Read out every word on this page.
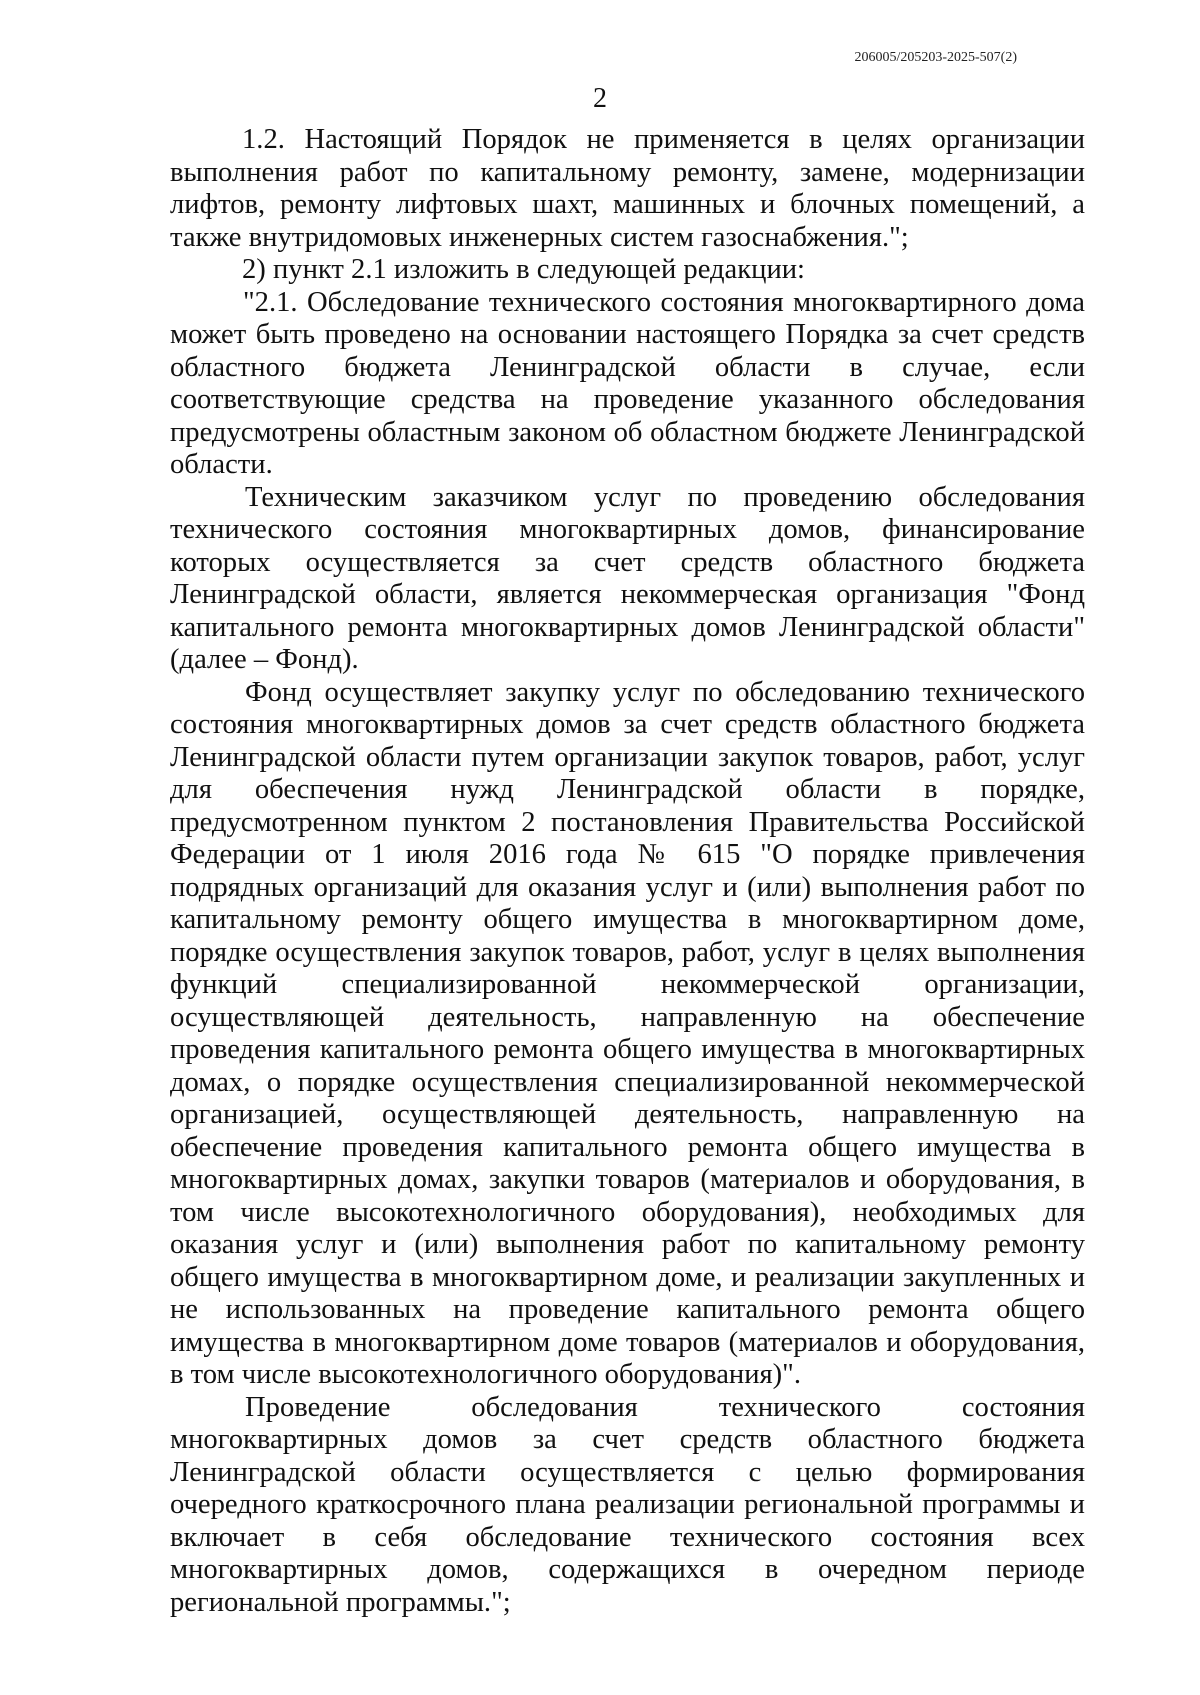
206005/205203-2025-507(2)
2

1.2. Настоящий Порядок не применяется в целях организации выполнения работ по капитальному ремонту, замене, модернизации лифтов, ремонту лифтовых шахт, машинных и блочных помещений, а также внутридомовых инженерных систем газоснабжения.";

2) пункт 2.1 изложить в следующей редакции:

"2.1. Обследование технического состояния многоквартирного дома может быть проведено на основании настоящего Порядка за счет средств областного бюджета Ленинградской области в случае, если соответствующие средства на проведение указанного обследования предусмотрены областным законом об областном бюджете Ленинградской области.

Техническим заказчиком услуг по проведению обследования технического состояния многоквартирных домов, финансирование которых осуществляется за счет средств областного бюджета Ленинградской области, является некоммерческая организация "Фонд капитального ремонта многоквартирных домов Ленинградской области" (далее – Фонд).

Фонд осуществляет закупку услуг по обследованию технического состояния многоквартирных домов за счет средств областного бюджета Ленинградской области путем организации закупок товаров, работ, услуг для обеспечения нужд Ленинградской области в порядке, предусмотренном пунктом 2 постановления Правительства Российской Федерации от 1 июля 2016 года № 615 "О порядке привлечения подрядных организаций для оказания услуг и (или) выполнения работ по капитальному ремонту общего имущества в многоквартирном доме, порядке осуществления закупок товаров, работ, услуг в целях выполнения функций специализированной некоммерческой организации, осуществляющей деятельность, направленную на обеспечение проведения капитального ремонта общего имущества в многоквартирных домах, о порядке осуществления специализированной некоммерческой организацией, осуществляющей деятельность, направленную на обеспечение проведения капитального ремонта общего имущества в многоквартирных домах, закупки товаров (материалов и оборудования, в том числе высокотехнологичного оборудования), необходимых для оказания услуг и (или) выполнения работ по капитальному ремонту общего имущества в многоквартирном доме, и реализации закупленных и не использованных на проведение капитального ремонта общего имущества в многоквартирном доме товаров (материалов и оборудования, в том числе высокотехнологичного оборудования)".

Проведение обследования технического состояния многоквартирных домов за счет средств областного бюджета Ленинградской области осуществляется с целью формирования очередного краткосрочного плана реализации региональной программы и включает в себя обследование технического состояния всех многоквартирных домов, содержащихся в очередном периоде региональной программы.";
